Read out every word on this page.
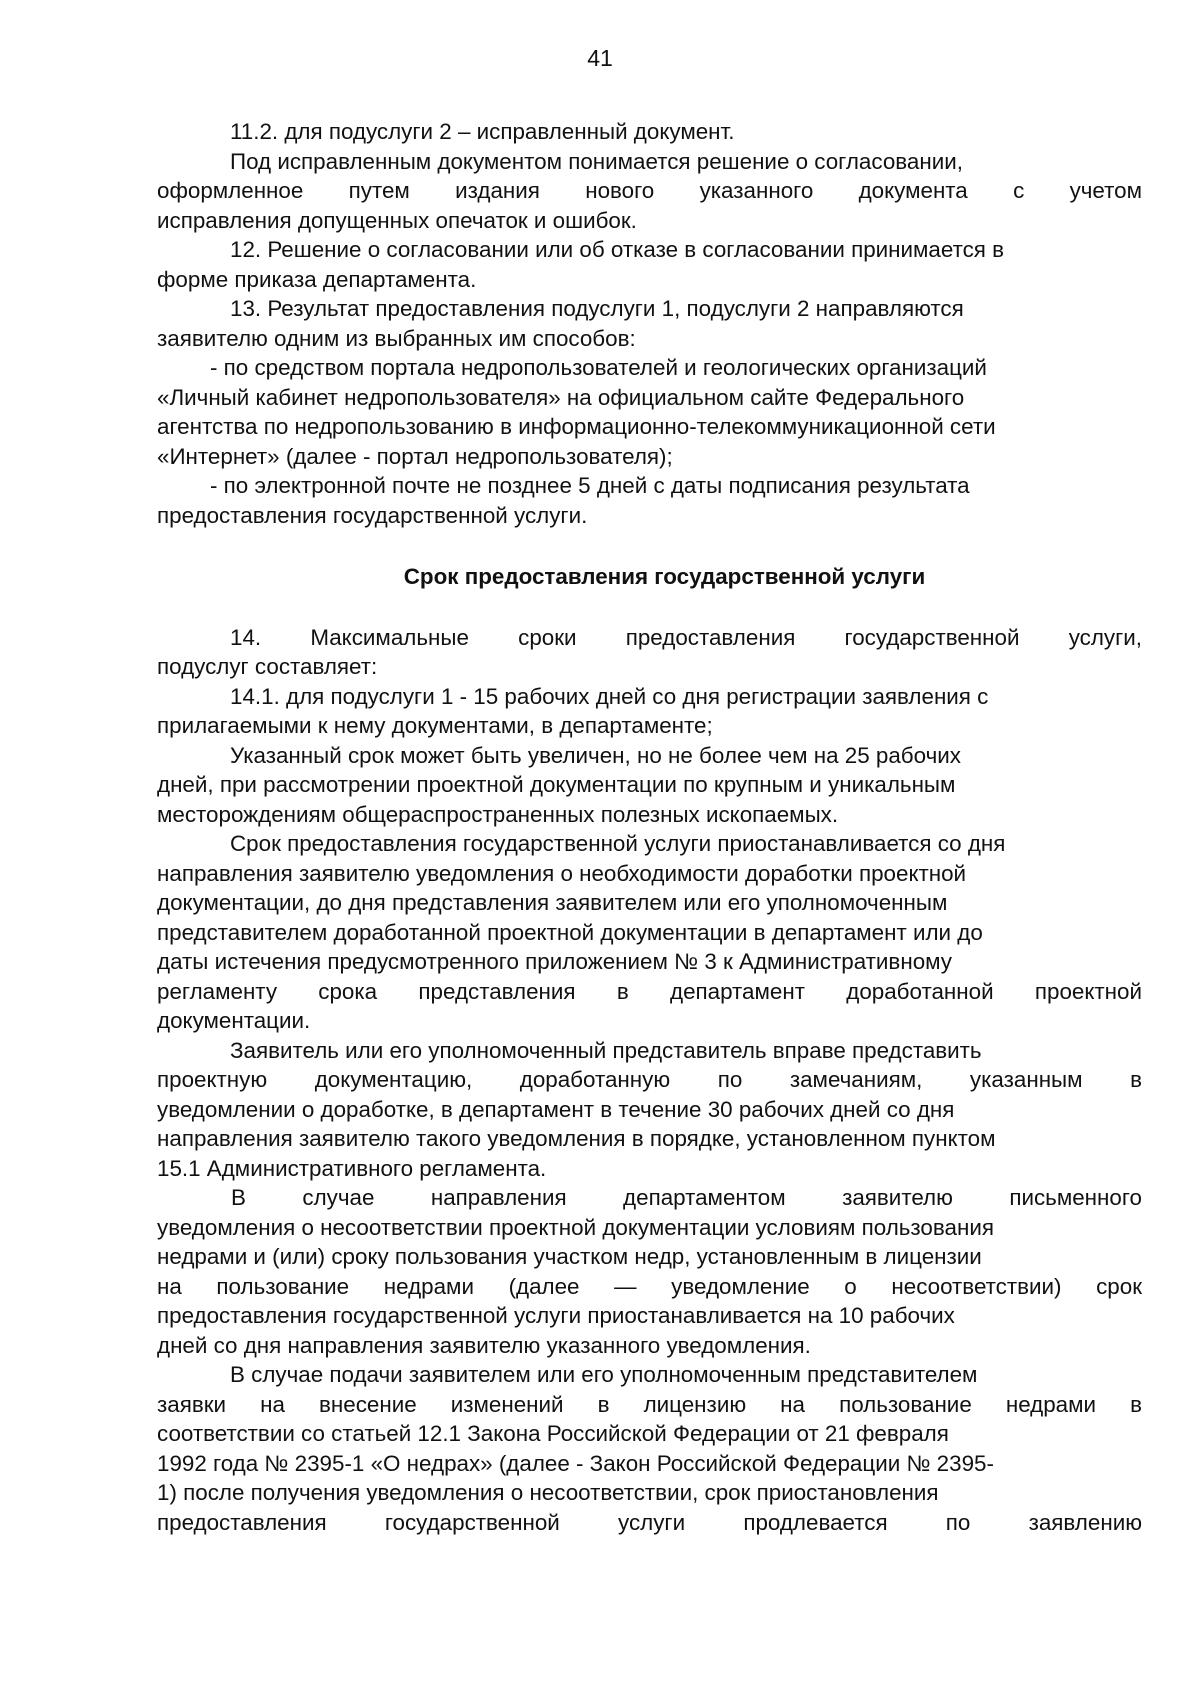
41

11.2. для подуслуги 2 – исправленный документ.

Под исправленным документом понимается решение о согласовании,

оформленное путем издания нового указанного документа с учетом

исправления допущенных опечаток и ошибок.

12. Решение о согласовании или об отказе в согласовании принимается в

форме приказа департамента.

13. Результат предоставления подуслуги 1, подуслуги 2 направляются

заявителю одним из выбранных им способов:

- по средством портала недропользователей и геологических организаций

«Личный кабинет недропользователя» на официальном сайте Федерального

агентства по недропользованию в информационно-телекоммуникационной сети

«Интернет» (далее - портал недропользователя);

- по электронной почте не позднее 5 дней с даты подписания результата

предоставления государственной услуги.

Срок предоставления государственной услуги

14. Максимальные сроки предоставления государственной услуги,

подуслуг составляет:

14.1. для подуслуги 1 - 15 рабочих дней со дня регистрации заявления с

прилагаемыми к нему документами, в департаменте;

Указанный срок может быть увеличен, но не более чем на 25 рабочих

дней, при рассмотрении проектной документации по крупным и уникальным

месторождениям общераспространенных полезных ископаемых.

Срок предоставления государственной услуги приостанавливается со дня

направления заявителю уведомления о необходимости доработки проектной

документации, до дня представления заявителем или его уполномоченным

представителем доработанной проектной документации в департамент или до

даты истечения предусмотренного приложением № 3 к Административному

регламенту срока представления в департамент доработанной проектной

документации.

Заявитель или его уполномоченный представитель вправе представить

проектную документацию, доработанную по замечаниям, указанным в

уведомлении о доработке, в департамент в течение 30 рабочих дней со дня

направления заявителю такого уведомления в порядке, установленном пунктом

15.1 Административного регламента.

В случае направления департаментом заявителю письменного

уведомления о несоответствии проектной документации условиям пользования

недрами и (или) сроку пользования участком недр, установленным в лицензии

на пользование недрами (далее — уведомление о несоответствии) срок

предоставления государственной услуги приостанавливается на 10 рабочих

дней со дня направления заявителю указанного уведомления.

В случае подачи заявителем или его уполномоченным представителем

заявки на внесение изменений в лицензию на пользование недрами в

соответствии со статьей 12.1 Закона Российской Федерации от 21 февраля

1992 года № 2395-1 «О недрах» (далее - Закон Российской Федерации № 2395-

1) после получения уведомления о несоответствии, срок приостановления

предоставления государственной услуги продлевается по заявлению
